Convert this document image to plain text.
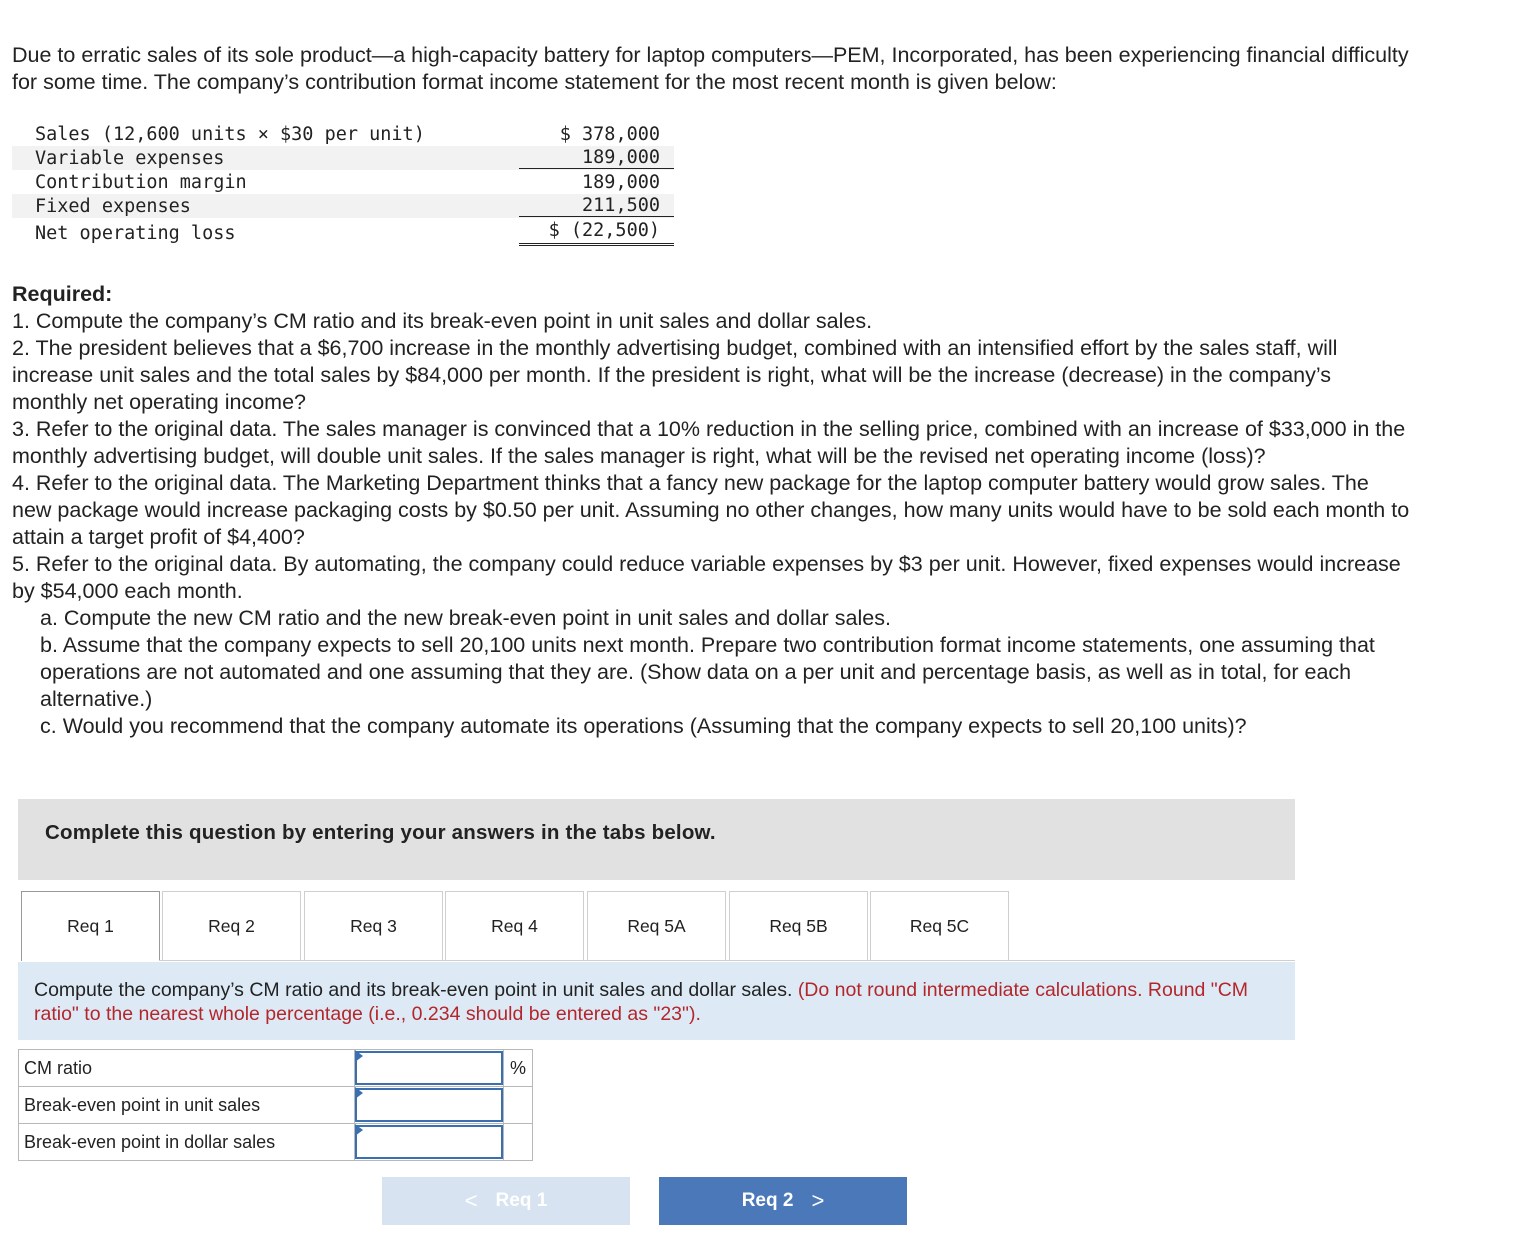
Due to erratic sales of its sole product—a high-capacity battery for laptop computers—PEM, Incorporated, has been experiencing financial difficulty for some time. The company’s contribution format income statement for the most recent month is given below:

Sales (12,600 units × $30 per unit)	$ 378,000
Variable expenses	189,000
Contribution margin	189,000
Fixed expenses	211,500
Net operating loss	$ (22,500)

Required:

1. Compute the company’s CM ratio and its break-even point in unit sales and dollar sales.

2. The president believes that a $6,700 increase in the monthly advertising budget, combined with an intensified effort by the sales staff, will increase unit sales and the total sales by $84,000 per month. If the president is right, what will be the increase (decrease) in the company’s monthly net operating income?

3. Refer to the original data. The sales manager is convinced that a 10% reduction in the selling price, combined with an increase of $33,000 in the monthly advertising budget, will double unit sales. If the sales manager is right, what will be the revised net operating income (loss)?

4. Refer to the original data. The Marketing Department thinks that a fancy new package for the laptop computer battery would grow sales. The new package would increase packaging costs by $0.50 per unit. Assuming no other changes, how many units would have to be sold each month to attain a target profit of $4,400?

5. Refer to the original data. By automating, the company could reduce variable expenses by $3 per unit. However, fixed expenses would increase by $54,000 each month.

a. Compute the new CM ratio and the new break-even point in unit sales and dollar sales.

b. Assume that the company expects to sell 20,100 units next month. Prepare two contribution format income statements, one assuming that operations are not automated and one assuming that they are. (Show data on a per unit and percentage basis, as well as in total, for each alternative.)

c. Would you recommend that the company automate its operations (Assuming that the company expects to sell 20,100 units)?

Complete this question by entering your answers in the tabs below.
Req 1	Req 2	Req 3	Req 4	Req 5A	Req 5B	Req 5C
Compute the company’s CM ratio and its break-even point in unit sales and dollar sales. (Do not round intermediate calculations. Round "CM ratio" to the nearest whole percentage (i.e., 0.234 should be entered as "23").
CM ratio		%
Break-even point in unit sales	

Break-even point in dollar sales	

< Req 1	Req 2 >
